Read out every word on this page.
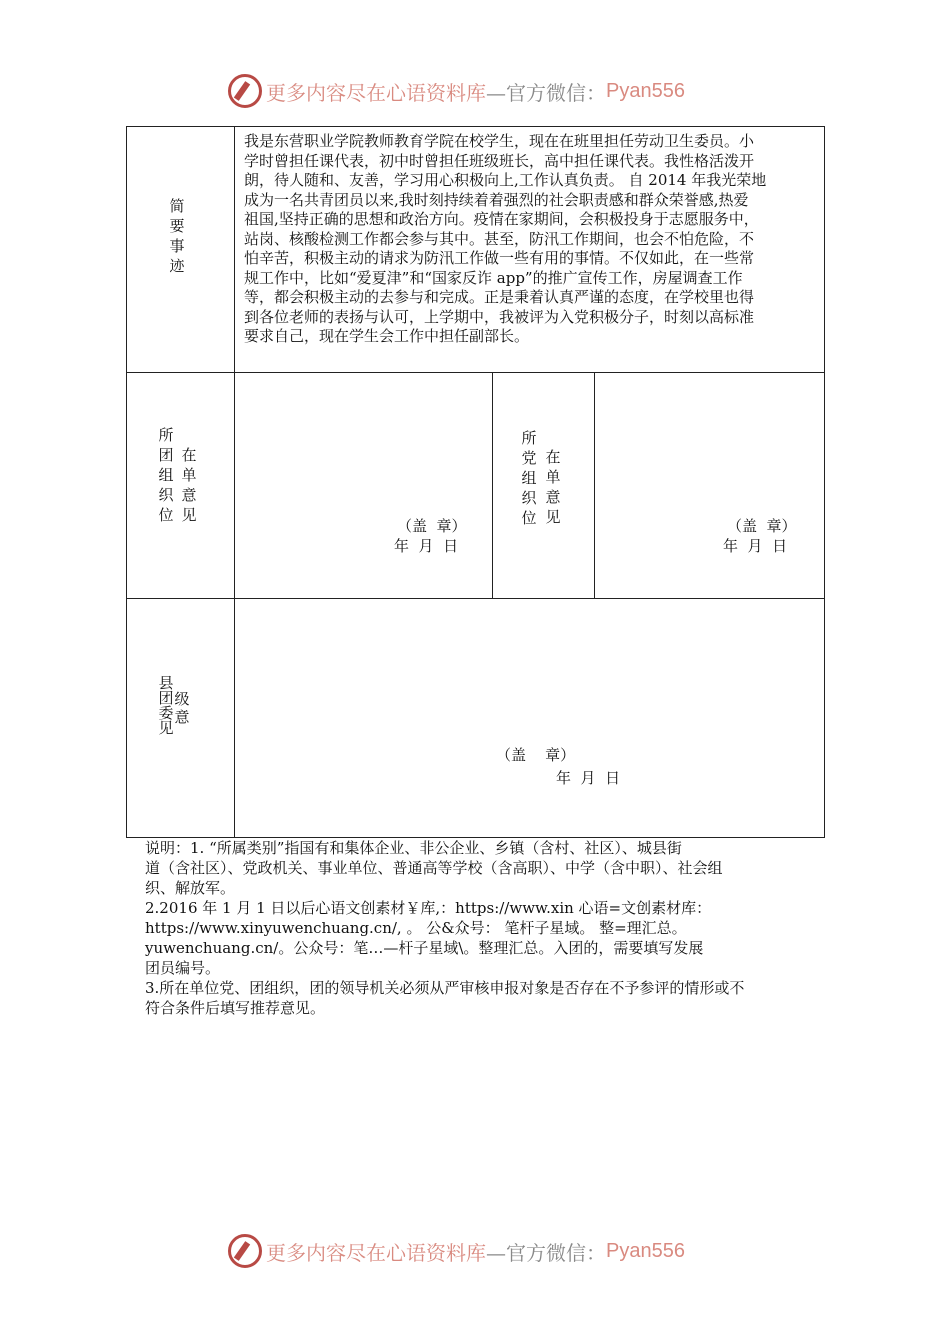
更多内容尽在心语资料库 —官方微信： Pyan556
简要事迹
我是东营职业学院教师教育学院在校学生，现在在班里担任劳动卫生委员。小
学时曾担任课代表，初中时曾担任班级班长，高中担任课代表。我性格活泼开
朗，待人随和、友善，学习用心积极向上,工作认真负责。 自 2014 年我光荣地
成为一名共青团员以来,我时刻持续着着强烈的社会职责感和群众荣誉感,热爱
祖国,坚持正确的思想和政治方向。疫情在家期间，会积极投身于志愿服务中，
站岗、核酸检测工作都会参与其中。甚至，防汛工作期间，也会不怕危险，不
怕辛苦，积极主动的请求为防汛工作做一些有用的事情。不仅如此，在一些常
规工作中，比如“爱夏津”和“国家反诈 app”的推广宣传工作，房屋调查工作
等，都会积极主动的去参与和完成。正是秉着认真严谨的态度，在学校里也得
到各位老师的表扬与认可，上学期中，我被评为入党积极分子，时刻以高标准
要求自己，现在学生会工作中担任副部长。
所团组织位
在单意见
（盖  章）
年  月  日
所党组织位
在单意见	（盖  章）
年  月  日
县团委见
级意
（盖    章）
年  月  日
说明：1. “所属类别”指国有和集体企业、非公企业、乡镇（含村、社区）、城县街
道（含社区）、党政机关、事业单位、普通高等学校（含高职）、中学（含中职）、社会组
织、解放军。
2.2016 年 1 月 1 日以后心语文创素材￥库,：https://www.xin 心语=文创素材库：
https://www.xinyuwenchuang.cn/, 。 公&众号： 笔杆子星域。 整=理汇总。
yuwenchuang.cn/。公众号：笔…—杆子星域\。整理汇总。入团的，需要填写发展
团员编号。
3.所在单位党、团组织，团的领导机关必须从严审核申报对象是否存在不予参评的情形或不
符合条件后填写推荐意见。
更多内容尽在心语资料库 —官方微信： Pyan556
